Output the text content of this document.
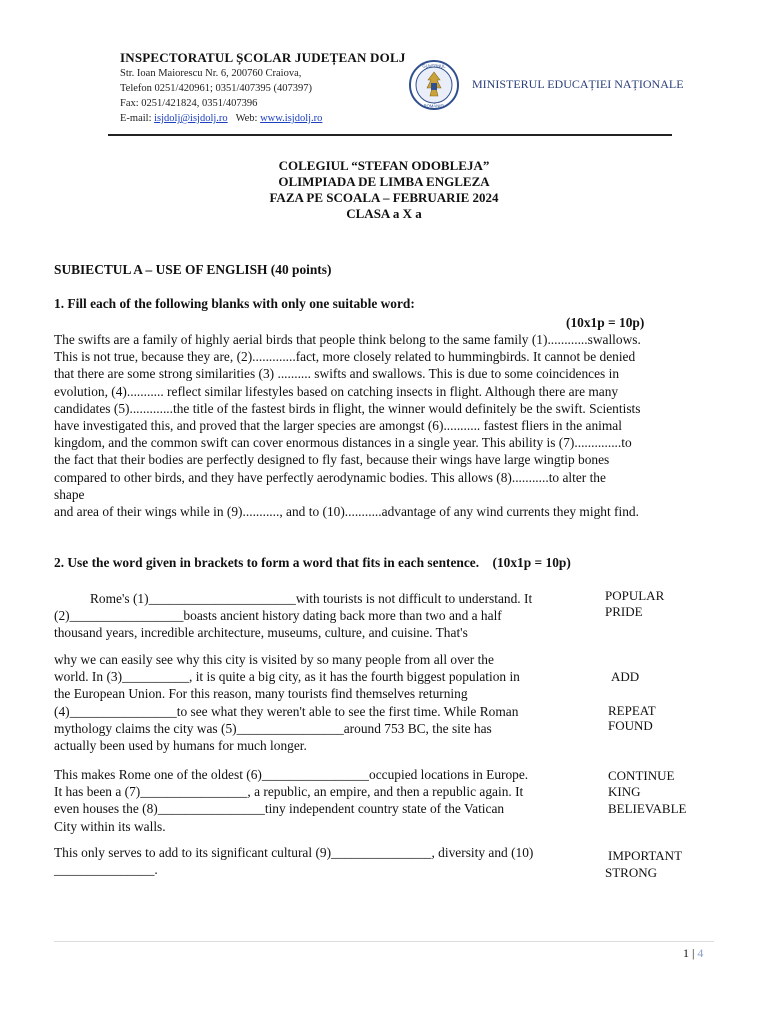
INSPECTORATUL ȘCOLAR JUDEȚEAN DOLJ
Str. Ioan Maiorescu Nr. 6, 200760 Craiova,
Telefon 0251/420961; 0351/407395 (407397)
Fax: 0251/421824, 0351/407396
E-mail: isjdolj@isjdolj.ro Web: www.isjdolj.ro
GUVERNUL
ROMÂNIEI
MINISTERUL EDUCAȚIEI NAȚIONALE
COLEGIUL “STEFAN ODOBLEJA”
OLIMPIADA DE LIMBA ENGLEZA
FAZA PE SCOALA – FEBRUARIE 2024
CLASA a X a
SUBIECTUL A – USE OF ENGLISH (40 points)
1. Fill each of the following blanks with only one suitable word:
(10x1p = 10p)
The swifts are a family of highly aerial birds that people think belong to the same family (1)............swallows.
This is not true, because they are, (2).............fact, more closely related to hummingbirds. It cannot be denied
that there are some strong similarities (3) .......... swifts and swallows. This is due to some coincidences in
evolution, (4)........... reflect similar lifestyles based on catching insects in flight. Although there are many
candidates (5).............the title of the fastest birds in flight, the winner would definitely be the swift. Scientists
have investigated this, and proved that the larger species are amongst (6)........... fastest fliers in the animal
kingdom, and the common swift can cover enormous distances in a single year. This ability is (7)..............to
the fact that their bodies are perfectly designed to fly fast, because their wings have large wingtip bones
compared to other birds, and they have perfectly aerodynamic bodies. This allows (8)...........to alter the
shape
and area of their wings while in (9)..........., and to (10)...........advantage of any wind currents they might find.
2. Use the word given in brackets to form a word that fits in each sentence. (10x1p = 10p)
Rome's (1)______________________with tourists is not difficult to understand. It
(2)_________________boasts ancient history dating back more than two and a half
thousand years, incredible architecture, museums, culture, and cuisine. That's
why we can easily see why this city is visited by so many people from all over the
world. In (3)__________, it is quite a big city, as it has the fourth biggest population in
the European Union. For this reason, many tourists find themselves returning
(4)________________to see what they weren't able to see the first time. While Roman
mythology claims the city was (5)________________around 753 BC, the site has
actually been used by humans for much longer.
This makes Rome one of the oldest (6)________________occupied locations in Europe.
It has been a (7)________________, a republic, an empire, and then a republic again. It
even houses the (8)________________tiny independent country state of the Vatican
City within its walls.
This only serves to add to its significant cultural (9)_______________, diversity and (10)
_______________.
POPULAR
PRIDE
ADD
REPEAT
FOUND
CONTINUE
KING
BELIEVABLE
IMPORTANT
STRONG
1 | 4
